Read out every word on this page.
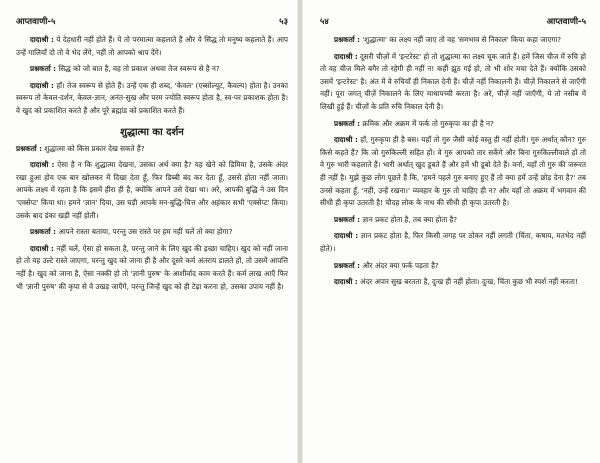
आप्तवाणी-५	५३

दादाश्री : ये देहधारी नहीं होते हैं। ये तो परमात्मा कहलाते हैं और ये सिद्ध तो मनुष्य कहलाते हैं। आप उन्हें गालियाँ दो तो वे भेद लेंगे, नहीं तो आपको श्राप देंगे।

प्रश्नकर्ता : सिद्ध को जो बात है, वह तो प्रकाश अथवा तेज स्वरूप से है न?

दादाश्री : हाँ। तेज स्वरूप से होते हैं। उन्हें एक ही शब्द, 'केवल' (एब्सोल्यूट, कैवल्य) होता है। उनका स्वरूप तो केवल-दर्शन, केवल-ज्ञान, अनंत-सुख और परम ज्योति स्वरूप होता है, स्व-पर प्रकाशक होता है। वे खुद को प्रकाशित करते हैं और पूरे ब्रह्मांड को प्रकाशित करते हैं।

शुद्धात्मा का दर्शन

प्रश्नकर्ता : शुद्धात्मा को किस प्रकार देख सकते हैं?

दादाश्री : ऐसा है न कि शुद्धात्मा देखना, उसका अर्थ क्या है? यह खेने को डिमिया है, उसके अंदर रखा हुआ होय एक बार खोलकर में दिखा देता हूँ, फिर डिब्बी बंद कर देता हूँ, उससे होता नहीं जाता। आपके लक्ष्य में रहता है कि इसमें हीरा ही है, क्योंकि आपने उसे देखा था। अरे, आपकी बुद्धि ने उस दिन 'एक्सेप्ट' किया था। हमने 'ज्ञान' दिया, उस घड़ी आपके मन-बुद्धि-चित्त और अहंकार सभी 'एक्सेप्ट' किया। उसके बाद डंका खड़ी नहीं होती।

प्रश्नकर्ता : आपने रास्ता बताया, परन्तु उस रास्ते पर हम नहीं चलें तो क्या होगा?

दादाश्री : नहीं चलें, ऐसा हो सकता है, परन्तु जाने के लिए खुद की इच्छा चाहिए। खुद को नहीं जाना हो तो वह उल्टे रास्ते जाएगा, परन्तु खुद को जाना ही है और दूसरे कर्म अंतराय डालते हों, तो उसमें आपत्ति नहीं है। खुद को जाना है, ऐसा नक्की हो तो 'ज्ञानी पुरुष' के आशीर्वाद काम करते हैं। कर्म लाख आएँ फिर भी 'ज्ञानी पुरुष' की कृपा से वे उखड़ जाएँगे, परन्तु जिन्हें खुद को ही टेढ़ा करना हो, उसका उपाय नहीं है।

५४	आप्तवाणी-५

प्रश्नकर्ता : 'शुद्धात्मा' का लक्ष्य नहीं जाए तो वह 'समभाव से निकाल' किया कहा जाएगा?

दादाश्री : दूसरी चीज़ों में 'इन्टरेस्ट' हो तो शुद्धात्मा का लक्ष्य चूक जाते हैं। हमें जिस चीज में रुचि हो तो वह चीज मिले बगैर तो रहेगी ही नहीं न! कहीं झूठ गई हो, तो भी शोर मचा देते हैं। क्योंकि उसको उसमें 'इन्टरेस्ट' है। अंत में वे रुचियाँ ही निकाल देनी हैं। चीज़ें नहीं निकालनी हैं। चीज़ें निकालने से जाएँगी नहीं। पूरा जगत् चीज़ें निकालने के लिए माथापच्ची करता है। अरे, चीज़ें नहीं जाएँगी, ये तो नसीब में लिखी हुई हैं। चीज़ों के प्रति रुचि निकाल देनी है।

प्रश्नकर्ता : क्रमिक और अक्रम में फर्क तो गुरुकृपा का ही है न?

दादाश्री : हाँ, गुरुकृपा ही है बस। यहाँ तो गुरु जैसी कोई वस्तु ही नहीं होती। गुरु अर्थात् कौन? गुरु किसे कहते हैं? कि जो गुरुकिल्ली सहित हों। वे गुरु आपको तार सकेंगे और बिना गुरुकिल्लीवाले हों तो वे गुरु भारी कहलाते हैं। भारी अर्थात् खुद डूबते हैं और हमें भी डूबो देते हैं। वर्ना, यहाँ तो गुरु की जरूरत ही नहीं है। मुझे कुछ लोग पूछते हैं कि, 'हमने पहले गुरु बनाए हुए हैं तो क्या हमें उन्हें छोड़ देना है?' तब उनसे कहता हूँ, 'नहीं, उन्हें रखना।' व्यवहार के गुरु तो चाहिए ही न? और यहाँ तो अक्रम में भगवान की सीधी ही कृपा उतरती है! चौदह लोक के नाथ की सीधी ही कृपा उतरती है।

प्रश्नकर्ता : ज्ञान प्रकट होता है, तब क्या होता है?

दादाश्री : ज्ञान प्रकट होता है, फिर किसी जगह पर ठोकर नहीं लगती (चिंता, कषाय, मतभेद नहीं होते)।

प्रश्नकर्ता : और अंदर क्या फर्क पड़ता है?

दादाश्री : अंदर अपार सुख बरतता है, दुःख ही नहीं होता। दुःख, चिंता कुछ भी स्पर्श नहीं करता!
